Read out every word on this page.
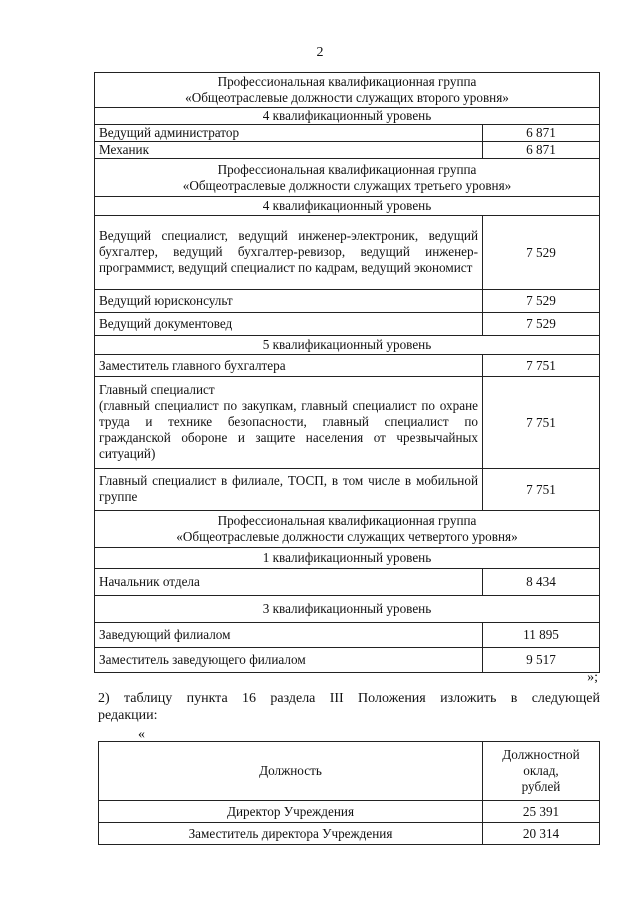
2
Профессиональная квалификационная группа
«Общеотраслевые должности служащих второго уровня»	

4 квалификационный уровень	
Ведущий администратор	6 871
Механик	6 871

Профессиональная квалификационная группа
«Общеотраслевые должности служащих третьего уровня»	

4 квалификационный уровень	
Ведущий специалист, ведущий инженер-электроник, ведущий бухгалтер, ведущий бухгалтер-ревизор, ведущий инженер-программист, ведущий специалист по кадрам, ведущий экономист	7 529
Ведущий юрисконсульт	7 529
Ведущий документовед	7 529
5 квалификационный уровень	
Заместитель главного бухгалтера	7 751

Главный специалист
(главный специалист по закупкам, главный специалист по охране труда и технике безопасности, главный специалист по гражданской обороне и защите населения от чрезвычайных ситуаций)	7 751
Главный специалист в филиале, ТОСП, в том числе в мобильной группе	7 751

Профессиональная квалификационная группа
«Общеотраслевые должности служащих четвертого уровня»	

1 квалификационный уровень	
Начальник отдела	8 434
3 квалификационный уровень	
Заведующий филиалом	11 895
Заместитель заведующего филиалом	9 517
»;
2) таблицу пункта 16 раздела III Положения изложить в следующей
редакции:
«
Должность	Должностной
оклад,
рублей

Директор Учреждения	25 391
Заместитель директора Учреждения	20 314
